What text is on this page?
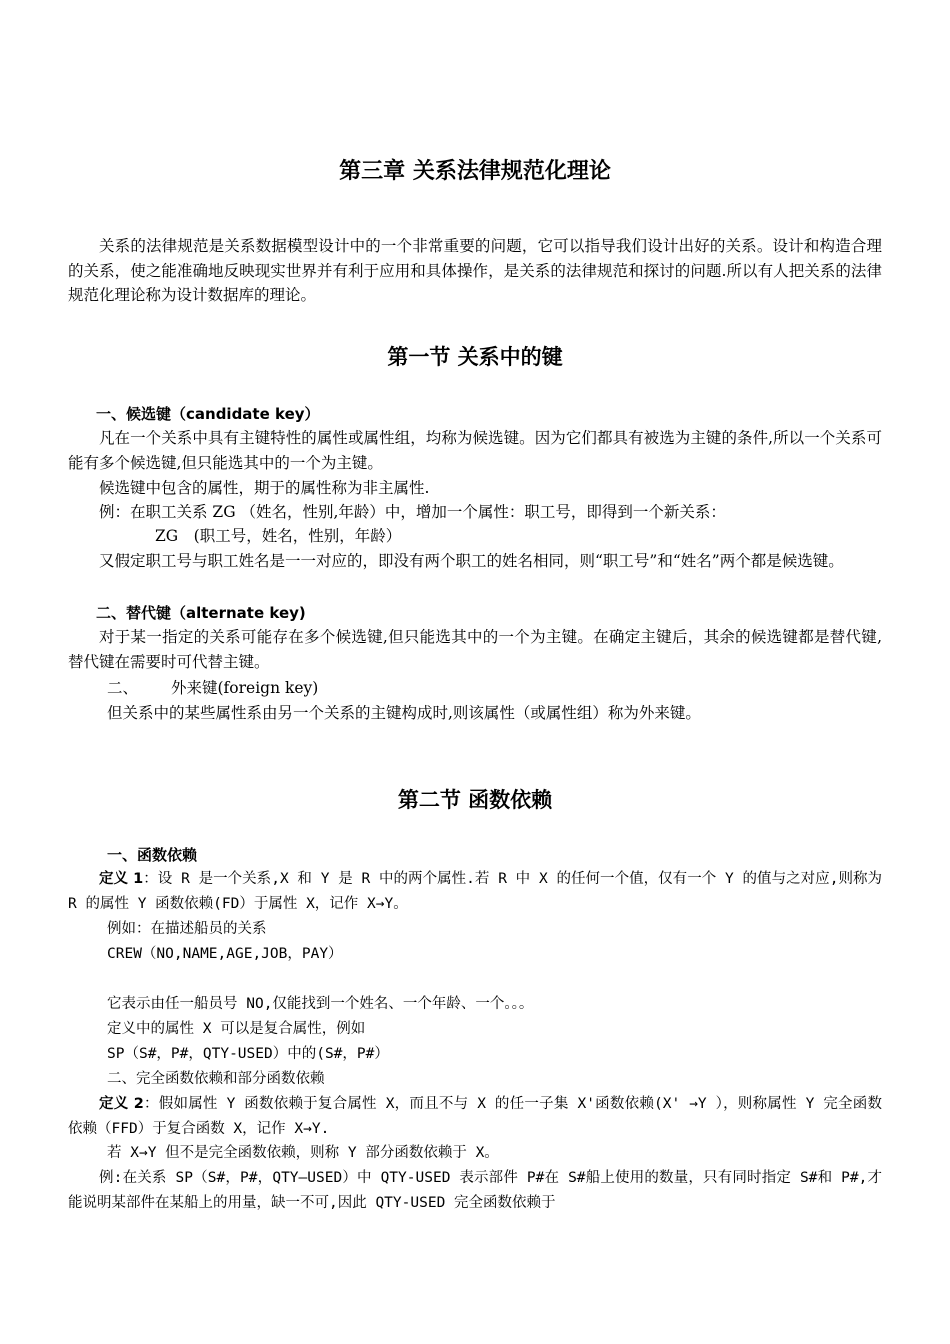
第三章 关系法律规范化理论
关系的法律规范是关系数据模型设计中的一个非常重要的问题，它可以指导我们设计出好的关系。设计和构造合理的关系，使之能准确地反映现实世界并有利于应用和具体操作，是关系的法律规范和探讨的问题.所以有人把关系的法律规范化理论称为设计数据库的理论。
第一节 关系中的键
一、候选键（candidate key）
凡在一个关系中具有主键特性的属性或属性组，均称为候选键。因为它们都具有被选为主键的条件,所以一个关系可能有多个候选键,但只能选其中的一个为主键。
候选键中包含的属性，期于的属性称为非主属性.
例：在职工关系 ZG （姓名，性别,年龄）中，增加一个属性：职工号，即得到一个新关系：
ZG　(职工号，姓名，性别，年龄）
又假定职工号与职工姓名是一一对应的，即没有两个职工的姓名相同，则“职工号”和“姓名”两个都是候选键。
二、替代键（alternate key)
对于某一指定的关系可能存在多个候选键,但只能选其中的一个为主键。在确定主键后，其余的候选键都是替代键,替代键在需要时可代替主键。
二、 外来键(foreign key)
但关系中的某些属性系由另一个关系的主键构成时,则该属性（或属性组）称为外来键。
第二节 函数依赖
一、函数依赖
定义 1：设 R 是一个关系,X 和 Y 是 R 中的两个属性.若 R 中 X 的任何一个值，仅有一个 Y 的值与之对应,则称为 R 的属性 Y 函数依赖(FD）于属性 X，记作 X→Y。
例如：在描述船员的关系
CREW（NO,NAME,AGE,JOB，PAY）
它表示由任一船员号 NO,仅能找到一个姓名、一个年龄、一个。。。
定义中的属性 X 可以是复合属性，例如
SP（S#，P#，QTY-USED）中的(S#，P#）
二、完全函数依赖和部分函数依赖
定义 2：假如属性 Y 函数依赖于复合属性 X，而且不与 X 的任一子集 X'函数依赖(X' →Y ），则称属性 Y 完全函数依赖（FFD）于复合函数 X，记作 X→Y.
若 X→Y 但不是完全函数依赖，则称 Y 部分函数依赖于 X。
例:在关系 SP（S#，P#，QTY—USED）中 QTY-USED 表示部件 P#在 S#船上使用的数量，只有同时指定 S#和 P#,才能说明某部件在某船上的用量，缺一不可,因此 QTY-USED 完全函数依赖于
